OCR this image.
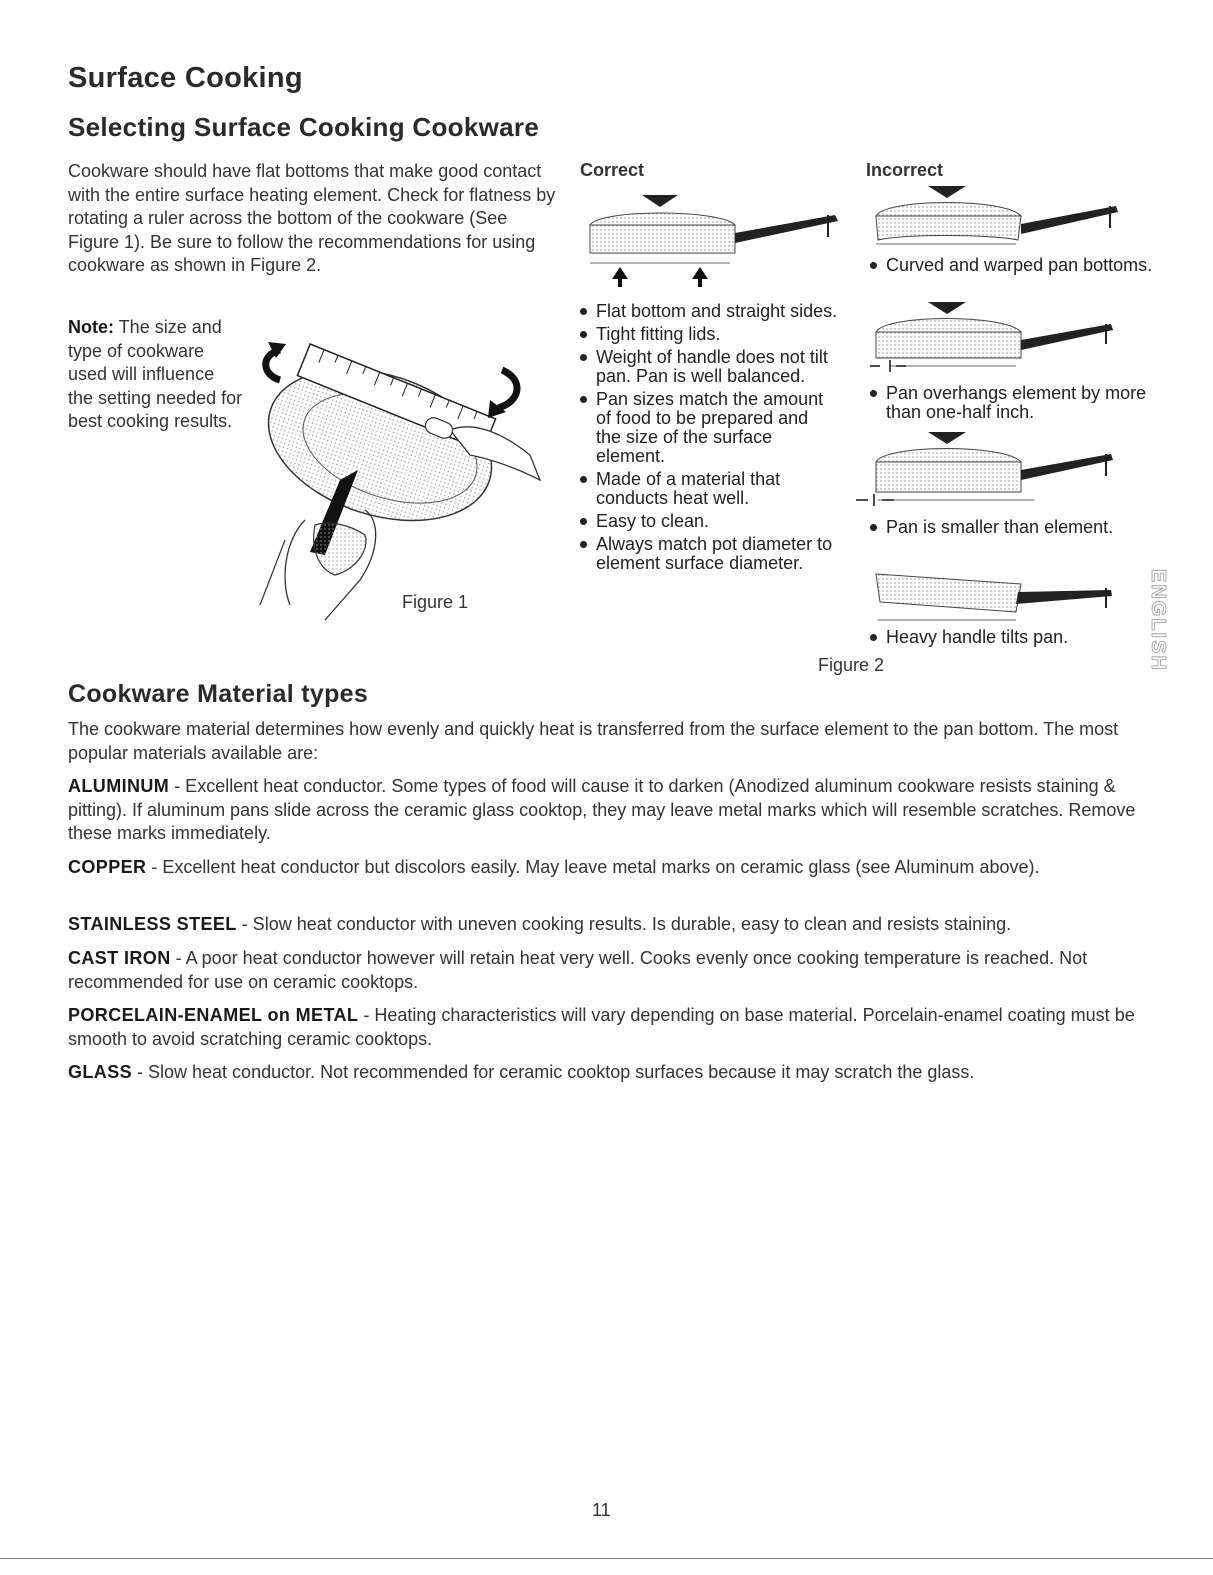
Surface Cooking
Selecting Surface Cooking Cookware
Cookware should have flat bottoms that make good contact with the entire surface heating element. Check for flatness by rotating a ruler across the bottom of the cookware (See Figure 1). Be sure to follow the recommendations for using cookware as shown in Figure 2.
Note: The size and type of cookware used will influence the setting needed for best cooking results.
Figure 1
Correct
Flat bottom and straight sides.
Tight fitting lids.
Weight of handle does not tilt pan. Pan is well balanced.
Pan sizes match the amount of food to be prepared and the size of the surface element.
Made of a material that conducts heat well.
Easy to clean.
Always match pot diameter to element surface diameter.
Incorrect
Curved and warped pan bottoms.
Pan overhangs element by more than one-half inch.
Pan is smaller than element.
Heavy handle tilts pan.
Figure 2	ENGLISH
Cookware Material types
The cookware material determines how evenly and quickly heat is transferred from the surface element to the pan bottom. The most popular materials available are:
ALUMINUM - Excellent heat conductor. Some types of food will cause it to darken (Anodized aluminum cookware resists staining & pitting). If aluminum pans slide across the ceramic glass cooktop, they may leave metal marks which will resemble scratches. Remove these marks immediately.
COPPER - Excellent heat conductor but discolors easily. May leave metal marks on ceramic glass (see Aluminum above).
STAINLESS STEEL - Slow heat conductor with uneven cooking results. Is durable, easy to clean and resists staining.
CAST IRON - A poor heat conductor however will retain heat very well. Cooks evenly once cooking temperature is reached. Not recommended for use on ceramic cooktops.
PORCELAIN-ENAMEL on METAL - Heating characteristics will vary depending on base material. Porcelain-enamel coating must be smooth to avoid scratching ceramic cooktops.
GLASS - Slow heat conductor. Not recommended for ceramic cooktop surfaces because it may scratch the glass.
11
